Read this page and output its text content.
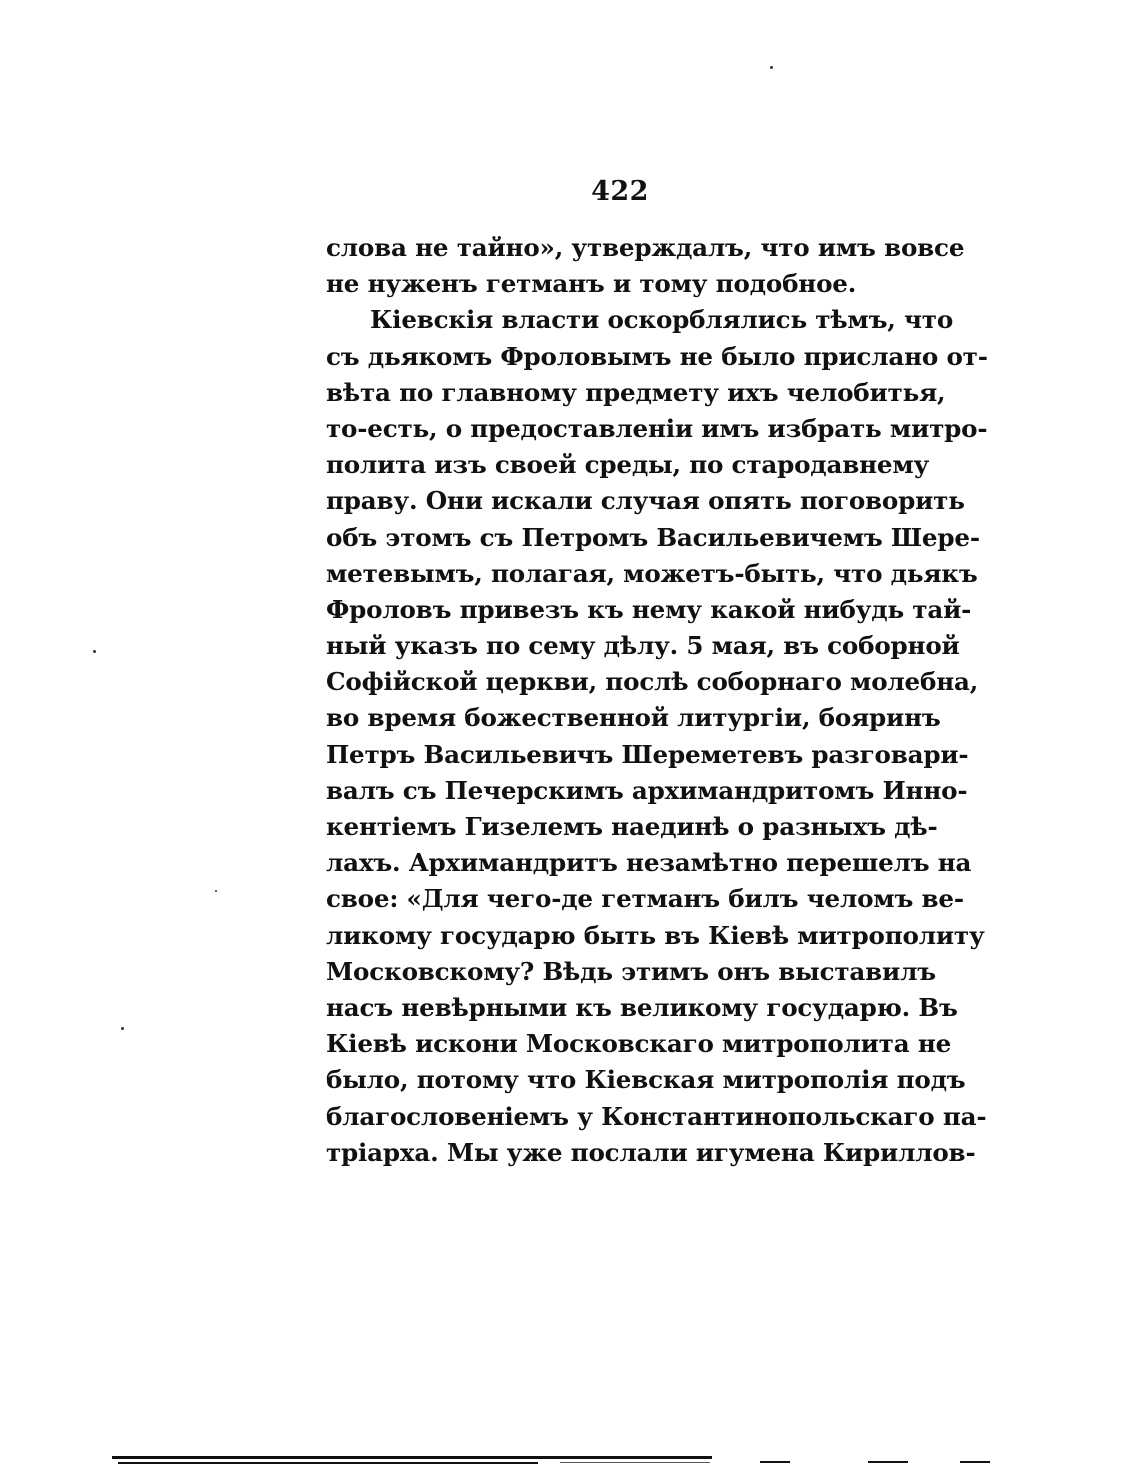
422
слова не тайно», утверждалъ, что имъ вовсе
не нуженъ гетманъ и тому подобное.
Кіевскія власти оскорблялись тѣмъ, что
съ дьякомъ Фроловымъ не было прислано от-
вѣта по главному предмету ихъ челобитья,
то-есть, о предоставленіи имъ избрать митро-
полита изъ своей среды, по стародавнему
праву. Они искали случая опять поговорить
объ этомъ съ Петромъ Васильевичемъ Шере-
метевымъ, полагая, можетъ-быть, что дьякъ
Фроловъ привезъ къ нему какой нибудь тай-
ный указъ по сему дѣлу. 5 мая, въ соборной
Софійской церкви, послѣ соборнаго молебна,
во время божественной литургіи, бояринъ
Петръ Васильевичъ Шереметевъ разговари-
валъ съ Печерскимъ архимандритомъ Инно-
кентіемъ Гизелемъ наединѣ о разныхъ дѣ-
лахъ. Архимандритъ незамѣтно перешелъ на
свое: «Для чего-де гетманъ билъ челомъ ве-
ликому государю быть въ Кіевѣ митрополиту
Московскому? Вѣдь этимъ онъ выставилъ
насъ невѣрными къ великому государю. Въ
Кіевѣ искони Московскаго митрополита не
было, потому что Кіевская митрополія подъ
благословеніемъ у Константинопольскаго па-
тріарха. Мы уже послали игумена Кириллов-
